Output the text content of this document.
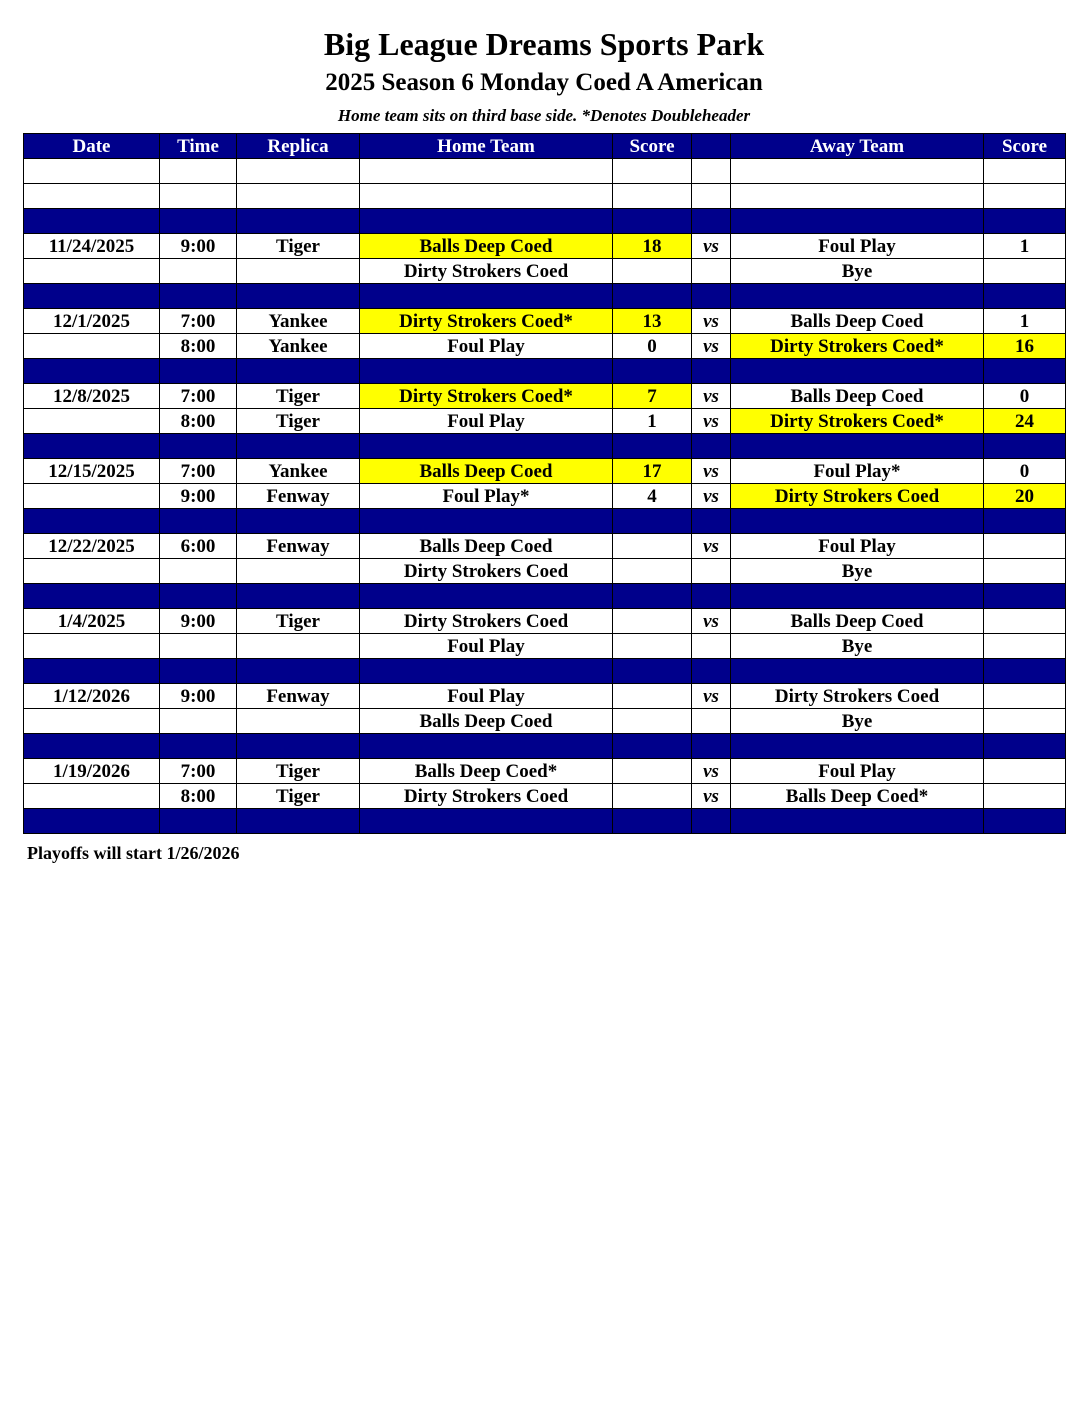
Big League Dreams Sports Park
2025 Season 6 Monday Coed A American
Home team sits on third base side. *Denotes Doubleheader
Date	Time	Replica	Home Team	Score		Away Team	Score

11/24/2025	9:00	Tiger	Balls Deep Coed	18	vs	Foul Play	1
			Dirty Strokers Coed			Bye	

12/1/2025	7:00	Yankee	Dirty Strokers Coed*	13	vs	Balls Deep Coed	1
	8:00	Yankee	Foul Play	0	vs	Dirty Strokers Coed*	16

12/8/2025	7:00	Tiger	Dirty Strokers Coed*	7	vs	Balls Deep Coed	0
	8:00	Tiger	Foul Play	1	vs	Dirty Strokers Coed*	24

12/15/2025	7:00	Yankee	Balls Deep Coed	17	vs	Foul Play*	0
	9:00	Fenway	Foul Play*	4	vs	Dirty Strokers Coed	20

12/22/2025	6:00	Fenway	Balls Deep Coed		vs	Foul Play	
			Dirty Strokers Coed			Bye	

1/4/2025	9:00	Tiger	Dirty Strokers Coed		vs	Balls Deep Coed	
			Foul Play			Bye	

1/12/2026	9:00	Fenway	Foul Play		vs	Dirty Strokers Coed	
			Balls Deep Coed			Bye	

1/19/2026	7:00	Tiger	Balls Deep Coed*		vs	Foul Play	
	8:00	Tiger	Dirty Strokers Coed		vs	Balls Deep Coed*	

Playoffs will start 1/26/2026
